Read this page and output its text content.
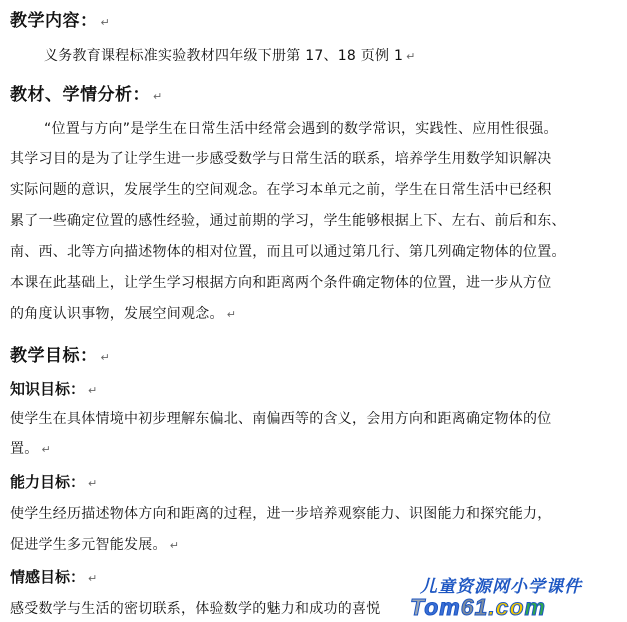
教学内容： ↵
义务教育课程标准实验教材四年级下册第 17、18 页例 1 ↵
教材、学情分析： ↵
“位置与方向”是学生在日常生活中经常会遇到的数学常识，实践性、应用性很强。
其学习目的是为了让学生进一步感受数学与日常生活的联系，培养学生用数学知识解决
实际问题的意识，发展学生的空间观念。在学习本单元之前，学生在日常生活中已经积
累了一些确定位置的感性经验，通过前期的学习，学生能够根据上下、左右、前后和东、
南、西、北等方向描述物体的相对位置，而且可以通过第几行、第几列确定物体的位置。
本课在此基础上，让学生学习根据方向和距离两个条件确定物体的位置，进一步从方位
的角度认识事物，发展空间观念。 ↵
教学目标： ↵
知识目标： ↵
使学生在具体情境中初步理解东偏北、南偏西等的含义，会用方向和距离确定物体的位
置。 ↵
能力目标： ↵
使学生经历描述物体方向和距离的过程，进一步培养观察能力、识图能力和探究能力，
促进学生多元智能发展。 ↵
情感目标： ↵
感受数学与生活的密切联系，体验数学的魅力和成功的喜悦
儿童资源网小学课件
Tom61.com
